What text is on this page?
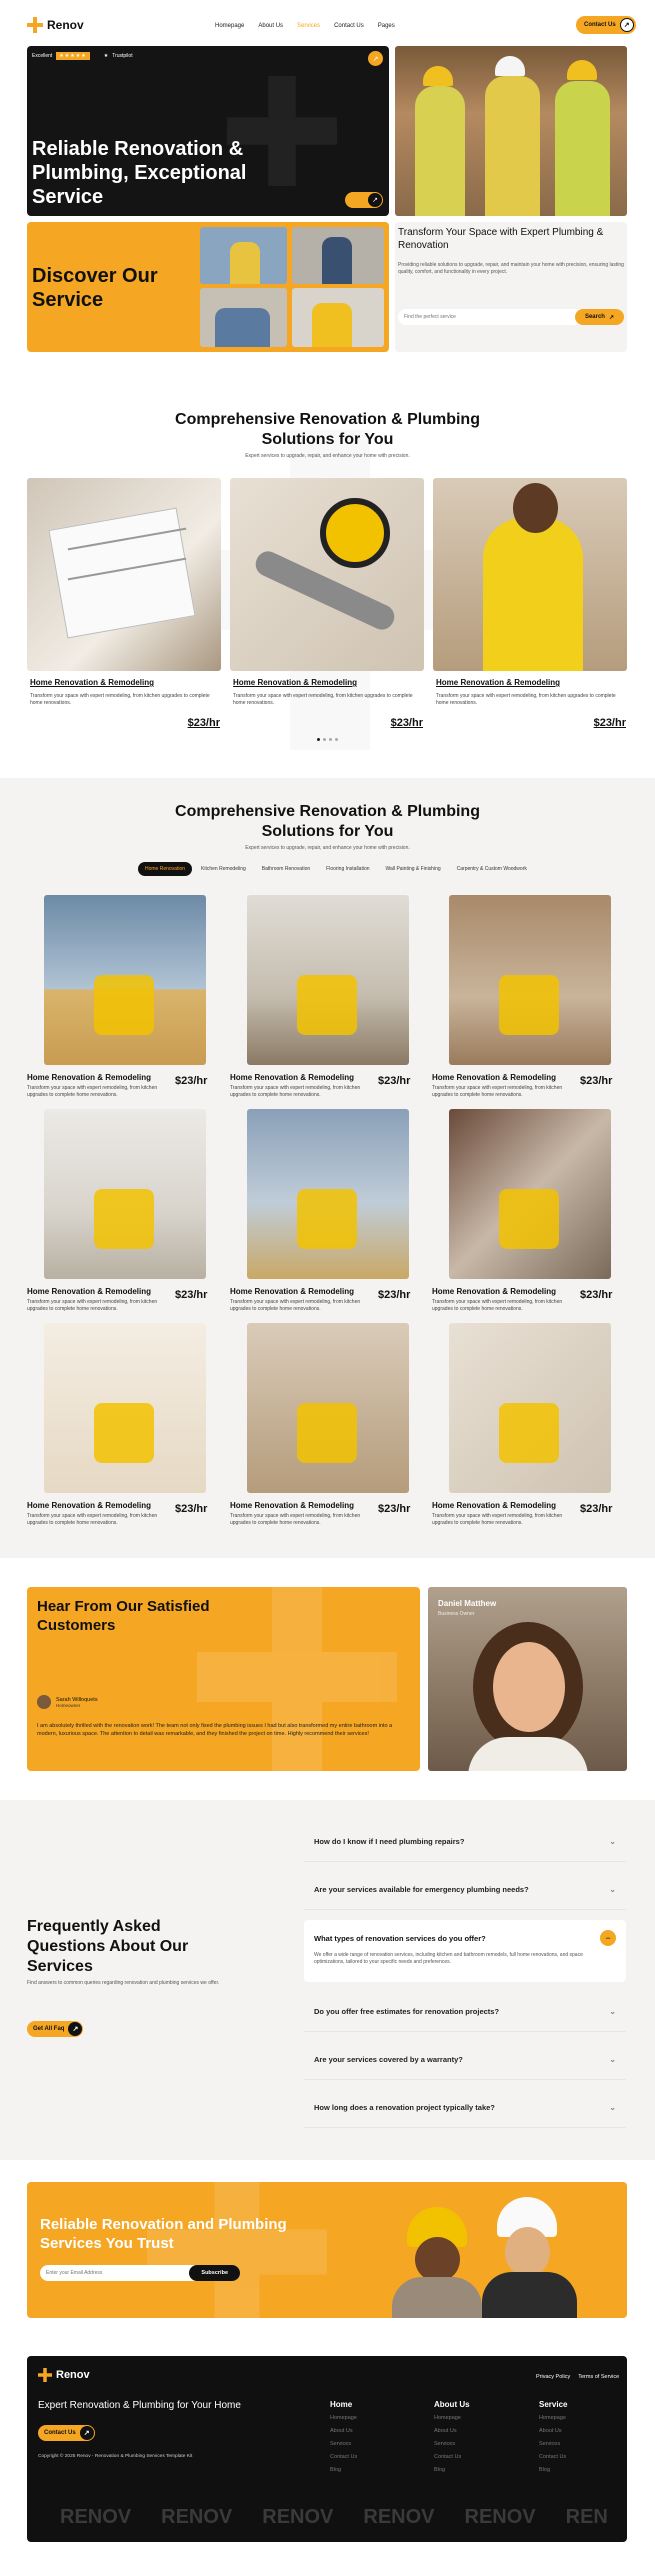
Renov	Homepage About Us Services Contact Us Pages	Contact Us	↗
Excellent	★★★★★	★ Trustpilot	↗
Reliable Renovation & Plumbing, Exceptional Service	↗
Discover Our Service
Transform Your Space with Expert Plumbing & Renovation
Providing reliable solutions to upgrade, repair, and maintain your home with precision, ensuring lasting quality, comfort, and functionality in every project.
Find the perfect service
Search ↗
Comprehensive Renovation & Plumbing Solutions for You
Expert services to upgrade, repair, and enhance your home with precision.
Home Renovation & Remodeling
Transform your space with expert remodeling, from kitchen upgrades to complete home renovations.
$23/hr
Home Renovation & Remodeling
Transform your space with expert remodeling, from kitchen upgrades to complete home renovations.
$23/hr
Home Renovation & Remodeling
Transform your space with expert remodeling, from kitchen upgrades to complete home renovations.
$23/hr
Comprehensive Renovation & Plumbing Solutions for You
Expert services to upgrade, repair, and enhance your home with precision.
Home Renovation	Kitchen Remodeling	Bathroom Renovation	Flooring Installation	Wall Painting & Finishing	Carpentry & Custom Woodwork
Home Renovation & Remodeling $23/hr
Transform your space with expert remodeling, from kitchen upgrades to complete home renovations.
Home Renovation & Remodeling $23/hr
Transform your space with expert remodeling, from kitchen upgrades to complete home renovations.
Home Renovation & Remodeling $23/hr
Transform your space with expert remodeling, from kitchen upgrades to complete home renovations.
Home Renovation & Remodeling $23/hr
Transform your space with expert remodeling, from kitchen upgrades to complete home renovations.
Home Renovation & Remodeling $23/hr
Transform your space with expert remodeling, from kitchen upgrades to complete home renovations.
Home Renovation & Remodeling $23/hr
Transform your space with expert remodeling, from kitchen upgrades to complete home renovations.
Home Renovation & Remodeling $23/hr
Transform your space with expert remodeling, from kitchen upgrades to complete home renovations.
Home Renovation & Remodeling $23/hr
Transform your space with expert remodeling, from kitchen upgrades to complete home renovations.
Home Renovation & Remodeling $23/hr
Transform your space with expert remodeling, from kitchen upgrades to complete home renovations.
Hear From Our Satisfied Customers
Sarah Willoquets
Homeowner
I am absolutely thrilled with the renovation work! The team not only fixed the plumbing issues I had but also transformed my entire bathroom into a modern, luxurious space. The attention to detail was remarkable, and they finished the project on time. Highly recommend their services!
Daniel Matthew
Business Owner
Frequently Asked Questions About Our Services
Find answers to common queries regarding renovation and plumbing services we offer.
Get All Faq	↗
How do I know if I need plumbing repairs?	⌄
Are your services available for emergency plumbing needs?	⌄
What types of renovation services do you offer?	−
We offer a wide range of renovation services, including kitchen and bathroom remodels, full home renovations, and space optimizations, tailored to your specific needs and preferences.
Do you offer free estimates for renovation projects?	⌄
Are your services covered by a warranty?	⌄
How long does a renovation project typically take?	⌄
Reliable Renovation and Plumbing Services You Trust
Enter your Email Address
Subscribe
Renov	Privacy Policy Terms of Service
Expert Renovation & Plumbing for Your Home
Contact Us	↗
Copyright © 2025 Renov - Renovation & Plumbing Services Template Kit
Home
Homepage
About Us
Services
Contact Us
Blog
About Us
Homepage
About Us
Services
Contact Us
Blog
Service
Homepage
About Us
Services
Contact Us
Blog
RENOV RENOV RENOV RENOV RENOV REN
